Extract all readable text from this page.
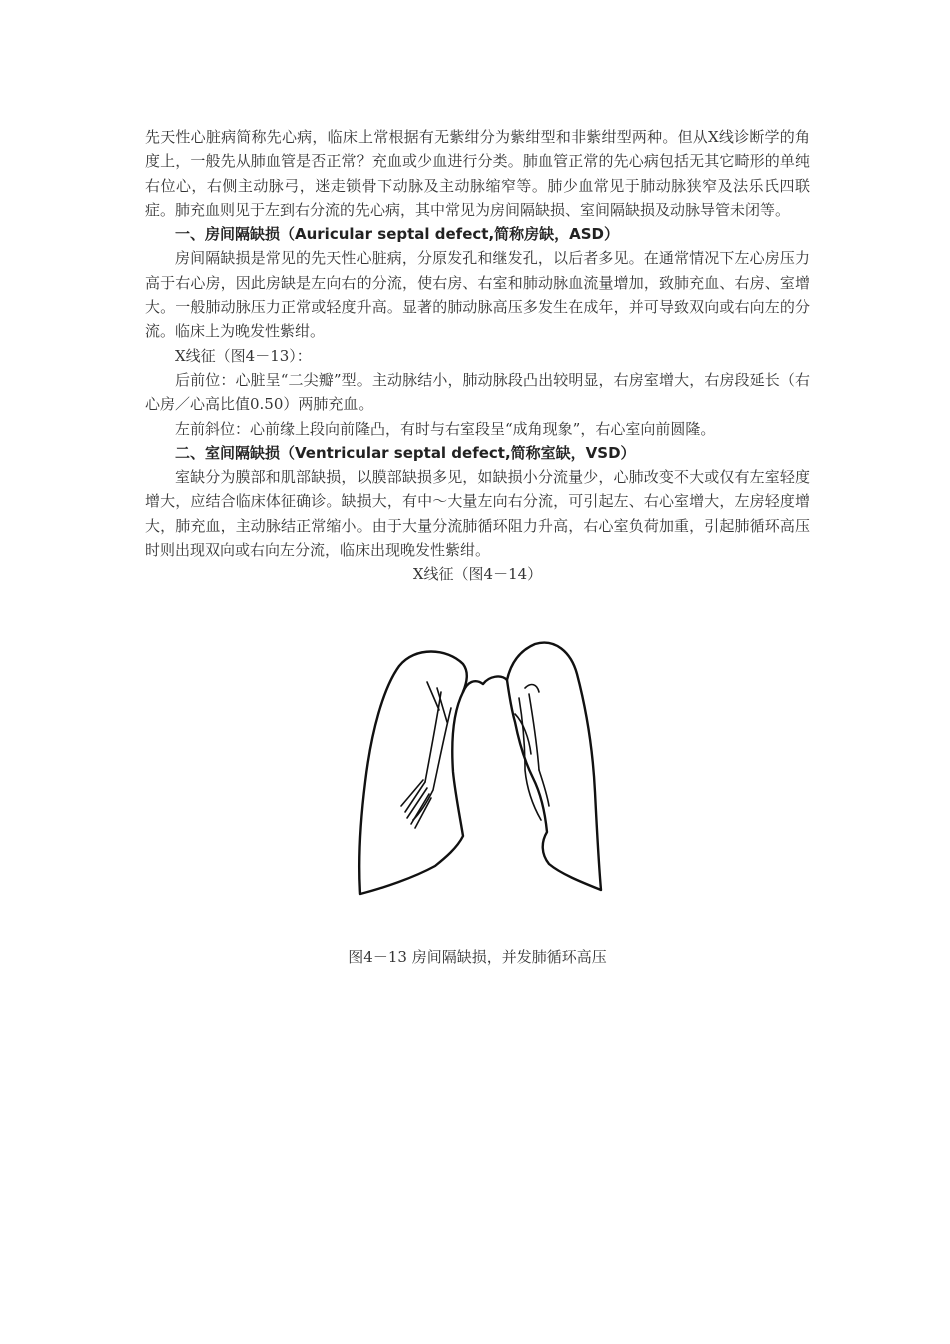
先天性心脏病简称先心病，临床上常根据有无紫绀分为紫绀型和非紫绀型两种。但从X线诊断学的角度上，一般先从肺血管是否正常？充血或少血进行分类。肺血管正常的先心病包括无其它畸形的单纯右位心，右侧主动脉弓，迷走锁骨下动脉及主动脉缩窄等。肺少血常见于肺动脉狭窄及法乐氏四联症。肺充血则见于左到右分流的先心病，其中常见为房间隔缺损、室间隔缺损及动脉导管未闭等。

一、房间隔缺损（Auricular septal defect,简称房缺，ASD）

房间隔缺损是常见的先天性心脏病，分原发孔和继发孔，以后者多见。在通常情况下左心房压力高于右心房，因此房缺是左向右的分流，使右房、右室和肺动脉血流量增加，致肺充血、右房、室增大。一般肺动脉压力正常或轻度升高。显著的肺动脉高压多发生在成年，并可导致双向或右向左的分流。临床上为晚发性紫绀。

X线征（图4－13）：

后前位：心脏呈“二尖瓣”型。主动脉结小，肺动脉段凸出较明显，右房室增大，右房段延长（右心房／心高比值0.50）两肺充血。

左前斜位：心前缘上段向前隆凸，有时与右室段呈“成角现象”，右心室向前圆隆。

二、室间隔缺损（Ventricular septal defect,简称室缺，VSD）

室缺分为膜部和肌部缺损，以膜部缺损多见，如缺损小分流量少，心肺改变不大或仅有左室轻度增大，应结合临床体征确诊。缺损大，有中～大量左向右分流，可引起左、右心室增大，左房轻度增大，肺充血，主动脉结正常缩小。由于大量分流肺循环阻力升高，右心室负荷加重，引起肺循环高压时则出现双向或右向左分流，临床出现晚发性紫绀。

X线征（图4－14）

图4－13 房间隔缺损，并发肺循环高压
